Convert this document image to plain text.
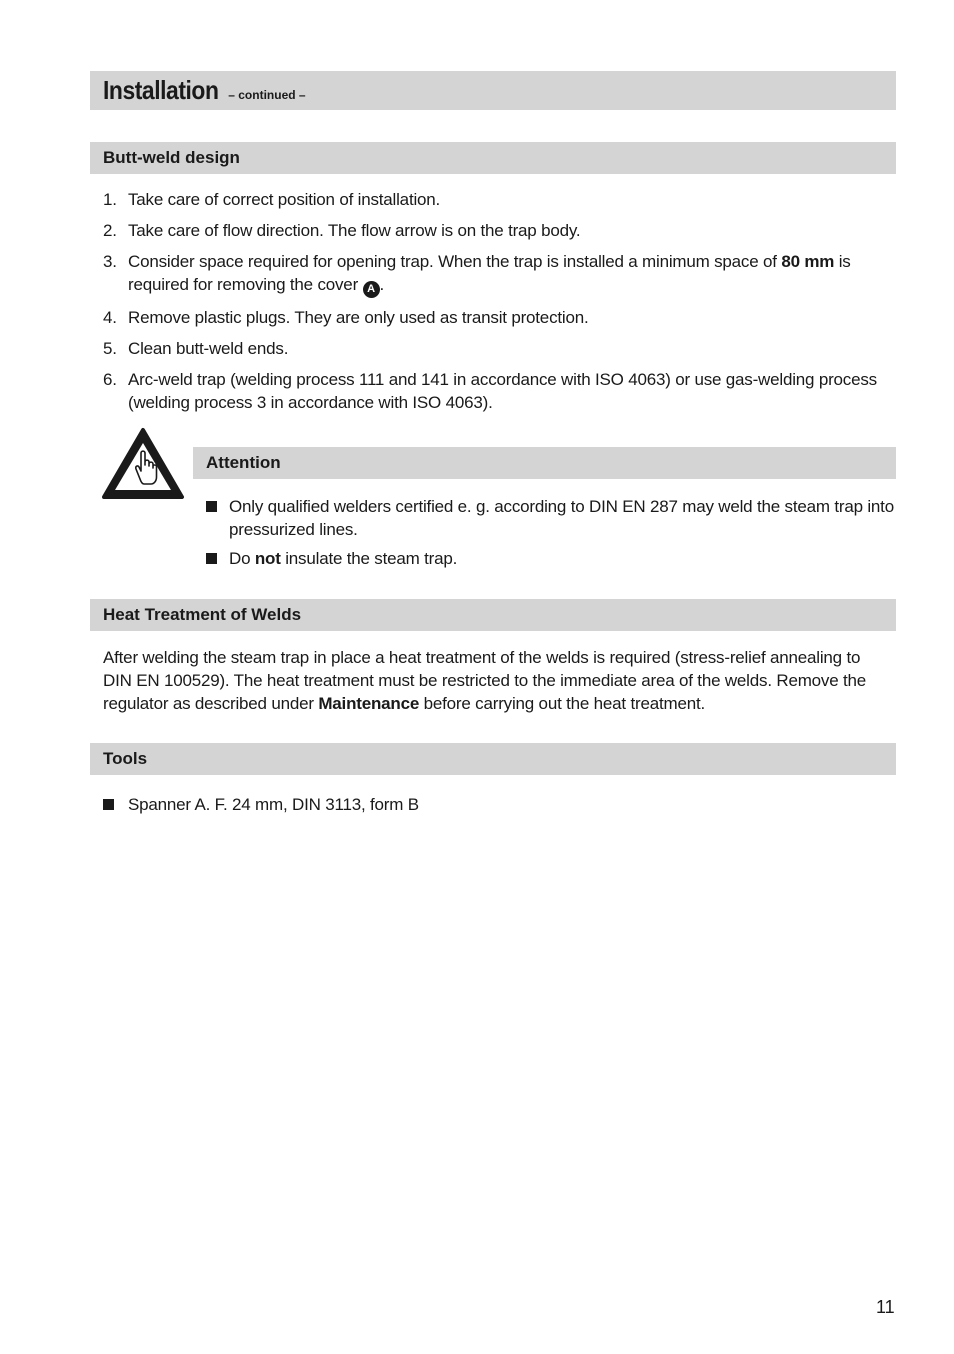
Installation – continued –
Butt-weld design
1. Take care of correct position of installation.
2. Take care of flow direction. The flow arrow is on the trap body.
3. Consider space required for opening trap. When the trap is installed a minimum space of 80 mm is required for removing the cover A .
4. Remove plastic plugs. They are only used as transit protection.
5. Clean butt-weld ends.
6. Arc-weld trap (welding process 111 and 141 in accordance with ISO 4063) or use gas-welding process (welding process 3 in accordance with ISO 4063).
Attention
Only qualified welders certified e. g. according to DIN EN 287 may weld the steam trap into pressurized lines.
Do not insulate the steam trap.
Heat Treatment of Welds
After welding the steam trap in place a heat treatment of the welds is required (stress-relief annealing to DIN EN 100529). The heat treatment must be restricted to the immediate area of the welds. Remove the regulator as described under Maintenance before carrying out the heat treatment.
Tools
Spanner A. F. 24 mm, DIN 3113, form B
11
